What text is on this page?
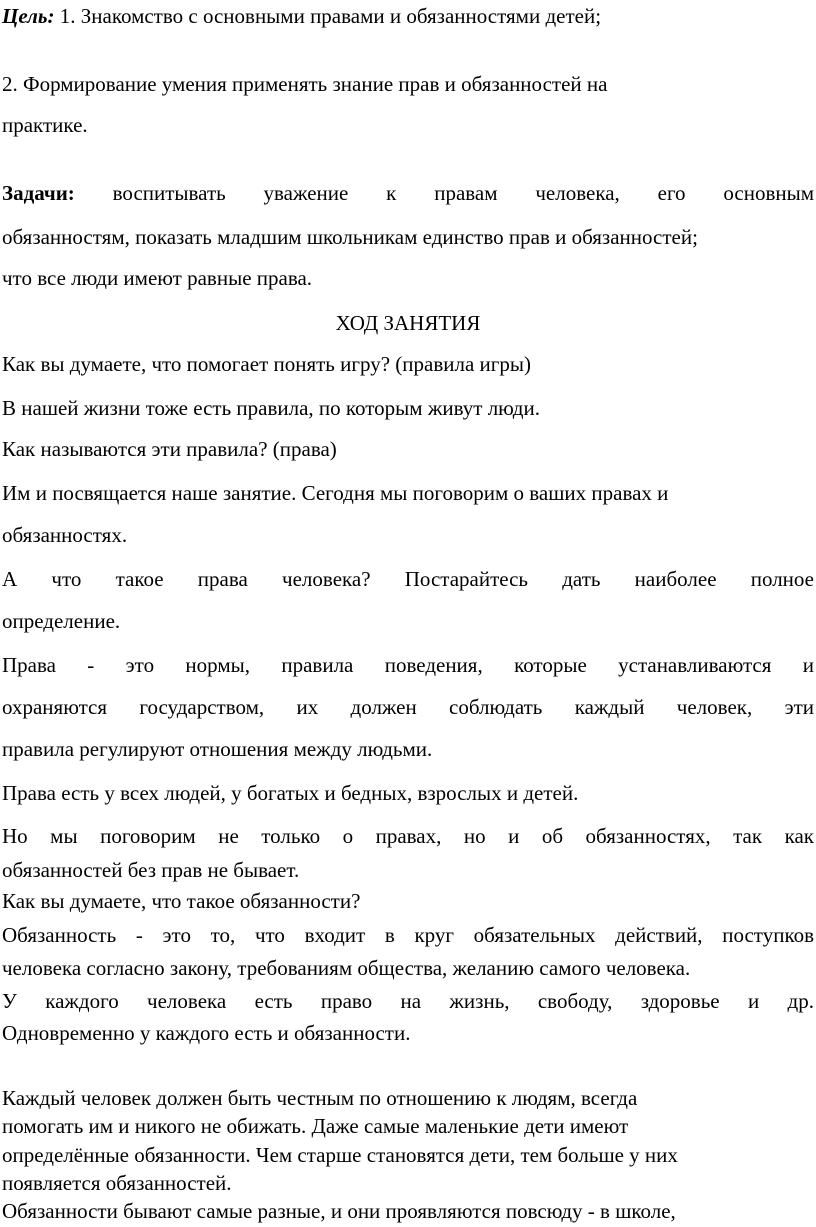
Цель: 1. Знакомство с основными правами и обязанностями детей;
2. Формирование умения применять знание прав и обязанностей на
практике.
Задачи: воспитывать уважение к правам человека, его основным
обязанностям, показать младшим школьникам единство прав и обязанностей;
что все люди имеют равные права.
ХОД ЗАНЯТИЯ
Как вы думаете, что помогает понять игру? (правила игры)
В нашей жизни тоже есть правила, по которым живут люди.
Как называются эти правила? (права)
Им и посвящается наше занятие. Сегодня мы поговорим о ваших правах и
обязанностях.
А что такое права человека? Постарайтесь дать наиболее полное
определение.
Права - это нормы, правила поведения, которые устанавливаются и
охраняются государством, их должен соблюдать каждый человек, эти
правила регулируют отношения между людьми.
Права есть у всех людей, у богатых и бедных, взрослых и детей.
Но мы поговорим не только о правах, но и об обязанностях, так как
обязанностей без прав не бывает.
Как вы думаете, что такое обязанности?
Обязанность - это то, что входит в круг обязательных действий, поступков
человека согласно закону, требованиям общества, желанию самого человека.
У каждого человека есть право на жизнь, свободу, здоровье и др.
Одновременно у каждого есть и обязанности.
Каждый человек должен быть честным по отношению к людям, всегда
помогать им и никого не обижать. Даже самые маленькие дети имеют
определённые обязанности. Чем старше становятся дети, тем больше у них
появляется обязанностей.
Обязанности бывают самые разные, и они проявляются повсюду - в школе,
